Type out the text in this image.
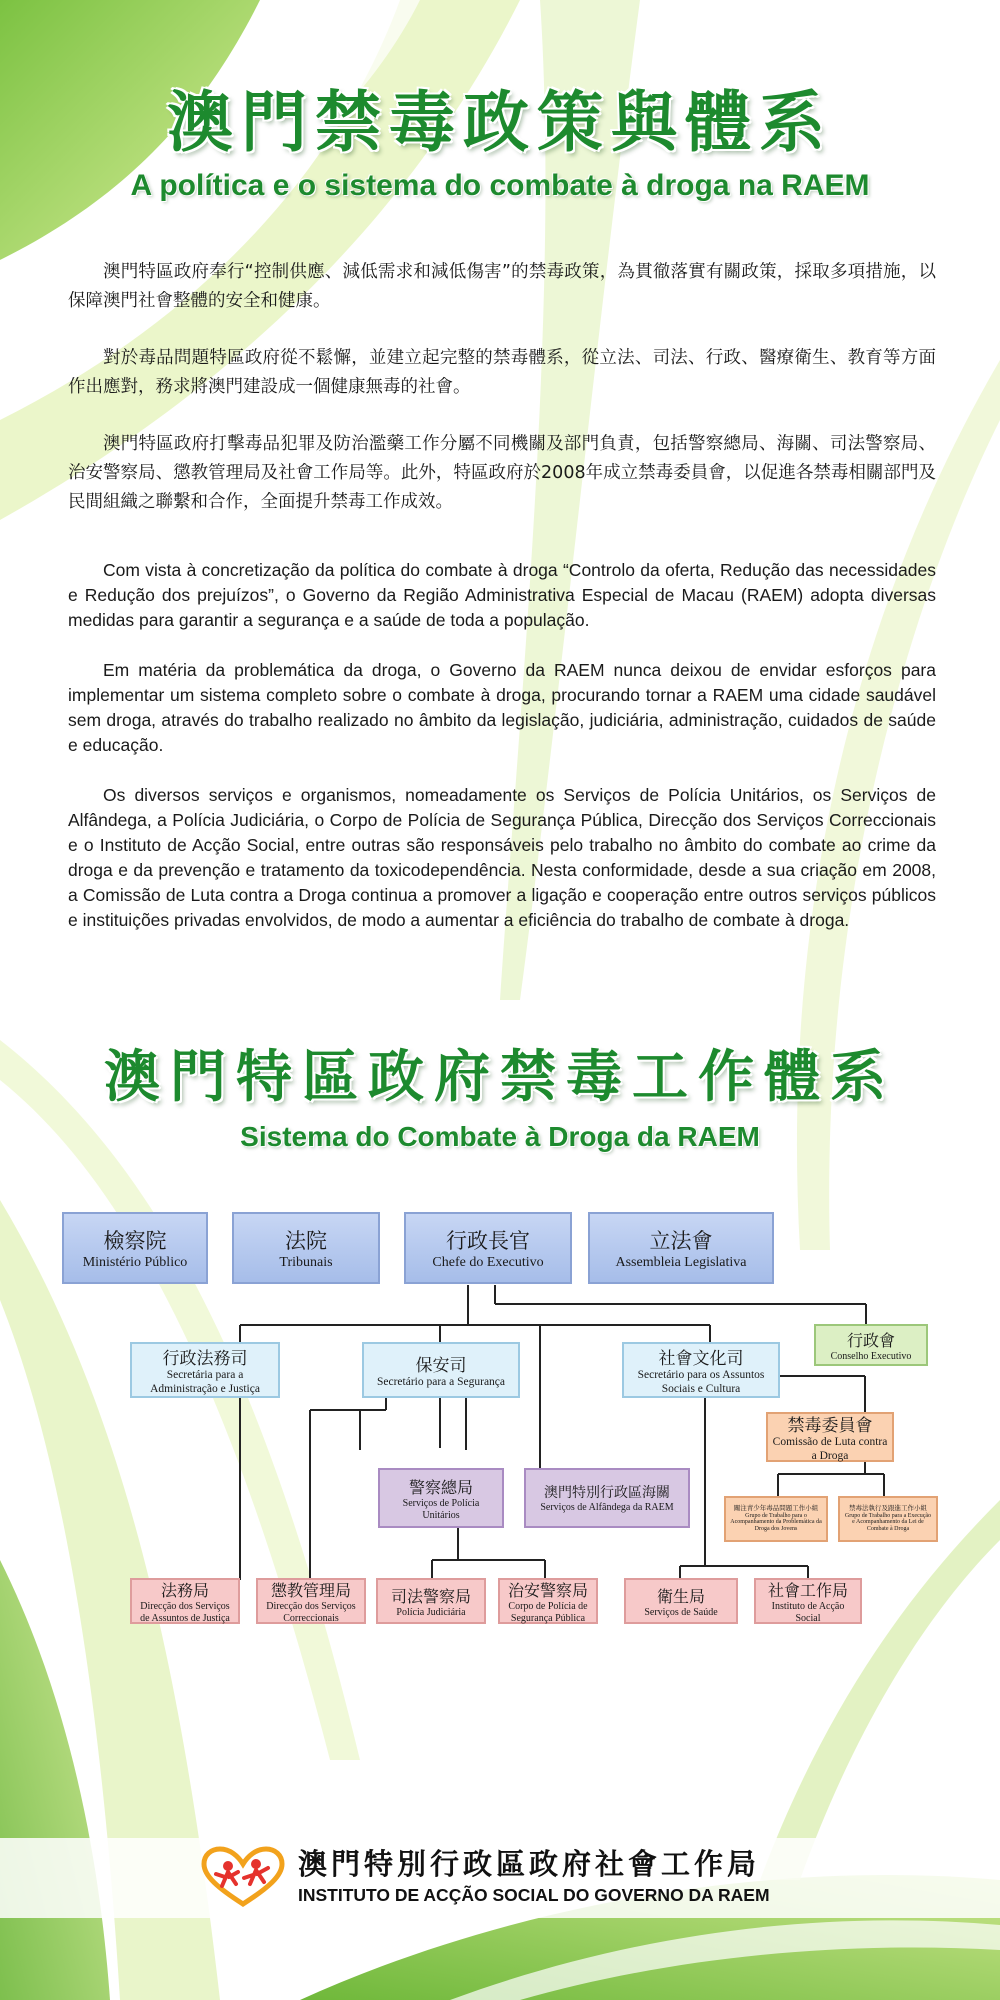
澳門禁毒政策與體系
A política e o sistema do combate à droga na RAEM

澳門特區政府奉行“控制供應、減低需求和減低傷害”的禁毒政策，為貫徹落實有關政策，採取多項措施，以保障澳門社會整體的安全和健康。

對於毒品問題特區政府從不鬆懈，並建立起完整的禁毒體系，從立法、司法、行政、醫療衛生、教育等方面作出應對，務求將澳門建設成一個健康無毒的社會。

澳門特區政府打擊毒品犯罪及防治濫藥工作分屬不同機關及部門負責，包括警察總局、海關、司法警察局、治安警察局、懲教管理局及社會工作局等。此外，特區政府於2008年成立禁毒委員會，以促進各禁毒相關部門及民間組織之聯繫和合作，全面提升禁毒工作成效。

Com vista à concretização da política do combate à droga “Controlo da oferta, Redução das necessidades e Redução dos prejuízos”, o Governo da Região Administrativa Especial de Macau (RAEM) adopta diversas medidas para garantir a segurança e a saúde de toda a população.

Em matéria da problemática da droga, o Governo da RAEM nunca deixou de envidar esforços para implementar um sistema completo sobre o combate à droga, procurando tornar a RAEM uma cidade saudável sem droga, através do trabalho realizado no âmbito da legislação, judiciária, administração, cuidados de saúde e educação.

Os diversos serviços e organismos, nomeadamente os Serviços de Polícia Unitários, os Serviços de Alfândega, a Polícia Judiciária, o Corpo de Polícia de Segurança Pública, Direcção dos Serviços Correccionais e o Instituto de Acção Social, entre outras são responsáveis pelo trabalho no âmbito do combate ao crime da droga e da prevenção e tratamento da toxicodependência. Nesta conformidade, desde a sua criação em 2008, a Comissão de Luta contra a Droga continua a promover a ligação e cooperação entre outros serviços públicos e instituições privadas envolvidos, de modo a aumentar a eficiência do trabalho de combate à droga.

澳門特區政府禁毒工作體系
Sistema do Combate à Droga da RAEM
檢察院
Ministério Público
法院
Tribunais
行政長官
Chefe do Executivo
立法會
Assembleia Legislativa
行政會
Conselho Executivo
行政法務司
Secretária para a Administração e Justiça
保安司
Secretário para a Segurança
社會文化司
Secretário para os Assuntos Sociais e Cultura
禁毒委員會
Comissão de Luta contra a Droga
關注青少年毒品問題工作小組
Grupo de Trabalho para o Acompanhamento da Problemática da Droga dos Jovens
禁毒法執行及跟進工作小組
Grupo de Trabalho para a Execução e Acompanhamento da Lei de Combate à Droga
警察總局
Serviços de Polícia Unitários
澳門特別行政區海關
Serviços de Alfândega da RAEM
法務局
Direcção dos Serviços de Assuntos de Justiça
懲教管理局
Direcção dos Serviços Correccionais
司法警察局
Polícia Judiciária
治安警察局
Corpo de Polícia de Segurança Pública
衛生局
Serviços de Saúde
社會工作局
Instituto de Acção Social
澳門特別行政區政府社會工作局
INSTITUTO DE ACÇÃO SOCIAL DO GOVERNO DA RAEM
